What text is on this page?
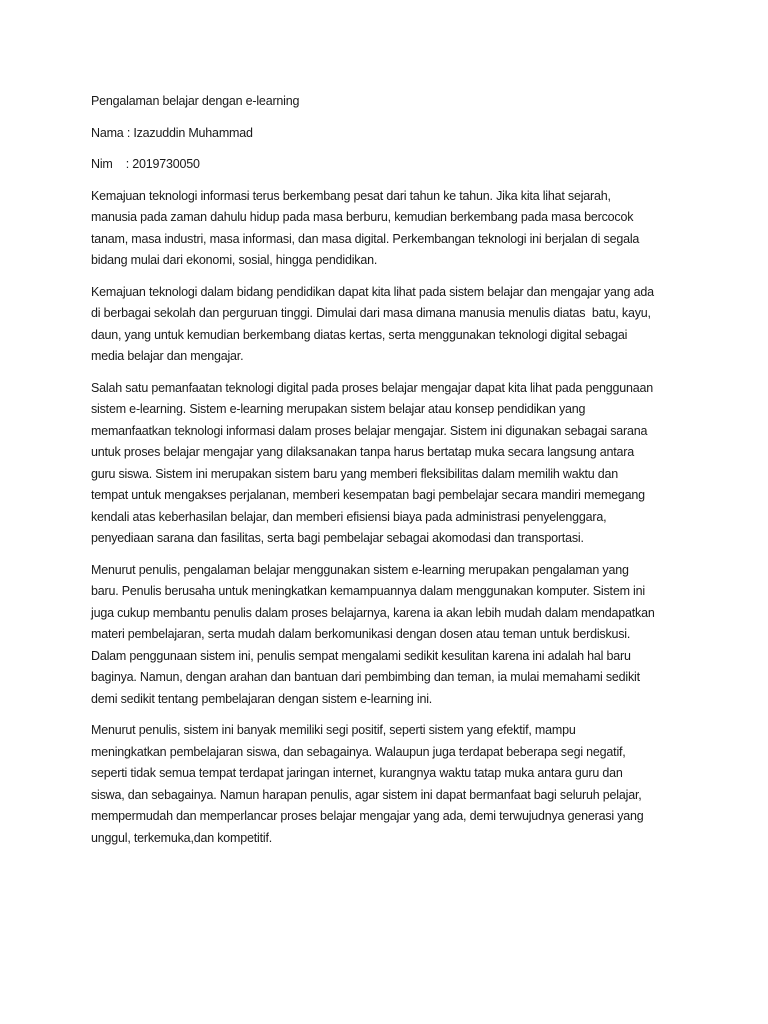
Pengalaman belajar dengan e-learning
Nama : Izazuddin Muhammad
Nim    : 2019730050
Kemajuan teknologi informasi terus berkembang pesat dari tahun ke tahun. Jika kita lihat sejarah,
manusia pada zaman dahulu hidup pada masa berburu, kemudian berkembang pada masa bercocok
tanam, masa industri, masa informasi, dan masa digital. Perkembangan teknologi ini berjalan di segala
bidang mulai dari ekonomi, sosial, hingga pendidikan.
Kemajuan teknologi dalam bidang pendidikan dapat kita lihat pada sistem belajar dan mengajar yang ada
di berbagai sekolah dan perguruan tinggi. Dimulai dari masa dimana manusia menulis diatas  batu, kayu,
daun, yang untuk kemudian berkembang diatas kertas, serta menggunakan teknologi digital sebagai
media belajar dan mengajar.
Salah satu pemanfaatan teknologi digital pada proses belajar mengajar dapat kita lihat pada penggunaan
sistem e-learning. Sistem e-learning merupakan sistem belajar atau konsep pendidikan yang
memanfaatkan teknologi informasi dalam proses belajar mengajar. Sistem ini digunakan sebagai sarana
untuk proses belajar mengajar yang dilaksanakan tanpa harus bertatap muka secara langsung antara
guru siswa. Sistem ini merupakan sistem baru yang memberi fleksibilitas dalam memilih waktu dan
tempat untuk mengakses perjalanan, memberi kesempatan bagi pembelajar secara mandiri memegang
kendali atas keberhasilan belajar, dan memberi efisiensi biaya pada administrasi penyelenggara,
penyediaan sarana dan fasilitas, serta bagi pembelajar sebagai akomodasi dan transportasi.
Menurut penulis, pengalaman belajar menggunakan sistem e-learning merupakan pengalaman yang
baru. Penulis berusaha untuk meningkatkan kemampuannya dalam menggunakan komputer. Sistem ini
juga cukup membantu penulis dalam proses belajarnya, karena ia akan lebih mudah dalam mendapatkan
materi pembelajaran, serta mudah dalam berkomunikasi dengan dosen atau teman untuk berdiskusi.
Dalam penggunaan sistem ini, penulis sempat mengalami sedikit kesulitan karena ini adalah hal baru
baginya. Namun, dengan arahan dan bantuan dari pembimbing dan teman, ia mulai memahami sedikit
demi sedikit tentang pembelajaran dengan sistem e-learning ini.
Menurut penulis, sistem ini banyak memiliki segi positif, seperti sistem yang efektif, mampu
meningkatkan pembelajaran siswa, dan sebagainya. Walaupun juga terdapat beberapa segi negatif,
seperti tidak semua tempat terdapat jaringan internet, kurangnya waktu tatap muka antara guru dan
siswa, dan sebagainya. Namun harapan penulis, agar sistem ini dapat bermanfaat bagi seluruh pelajar,
mempermudah dan memperlancar proses belajar mengajar yang ada, demi terwujudnya generasi yang
unggul, terkemuka,dan kompetitif.
